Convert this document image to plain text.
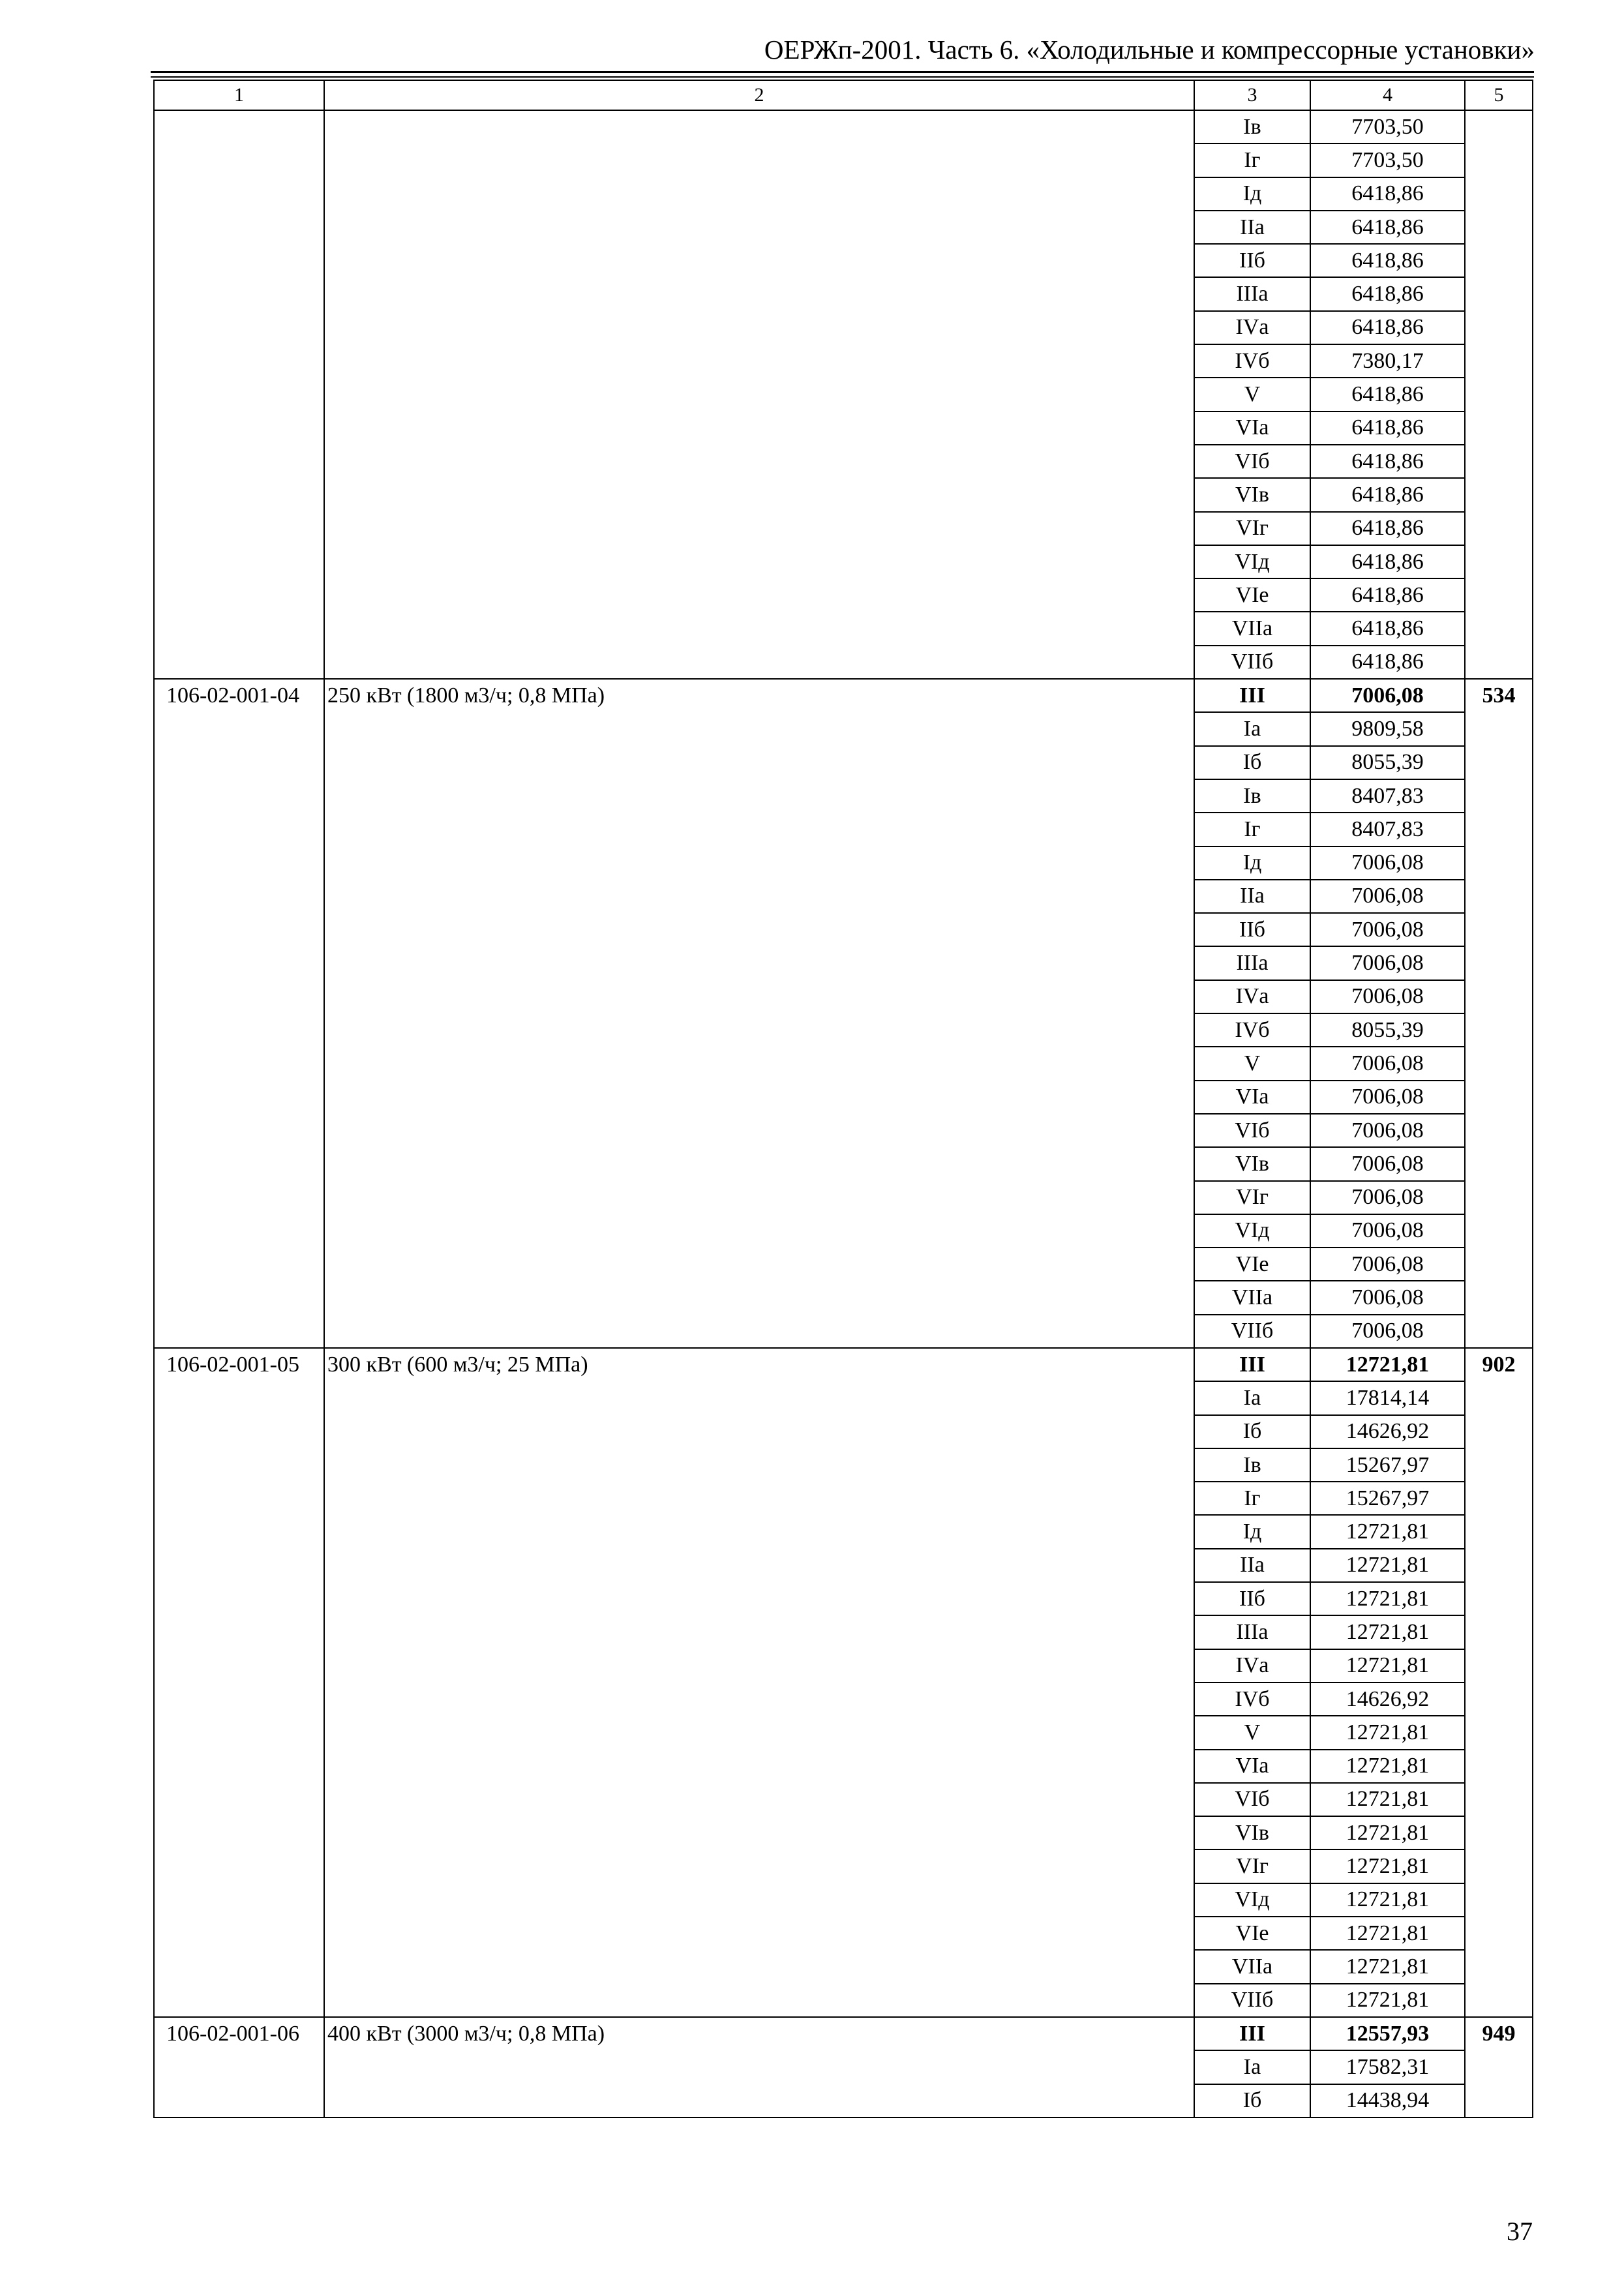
ОЕРЖп-2001. Часть 6. «Холодильные и компрессорные установки»
1	2	3	4	5
		Iв	7703,50	
		Iг	7703,50	
		Iд	6418,86	
		IIа	6418,86	
		IIб	6418,86	
		IIIа	6418,86	
		IVа	6418,86	
		IVб	7380,17	
		V	6418,86	
		VIа	6418,86	
		VIб	6418,86	
		VIв	6418,86	
		VIг	6418,86	
		VIд	6418,86	
		VIе	6418,86	
		VIIа	6418,86	
		VIIб	6418,86	
106-02-001-04	250 кВт (1800 м3/ч; 0,8 МПа)	III	7006,08	534
		Iа	9809,58	
		Iб	8055,39	
		Iв	8407,83	
		Iг	8407,83	
		Iд	7006,08	
		IIа	7006,08	
		IIб	7006,08	
		IIIа	7006,08	
		IVа	7006,08	
		IVб	8055,39	
		V	7006,08	
		VIа	7006,08	
		VIб	7006,08	
		VIв	7006,08	
		VIг	7006,08	
		VIд	7006,08	
		VIе	7006,08	
		VIIа	7006,08	
		VIIб	7006,08	
106-02-001-05	300 кВт (600 м3/ч; 25 МПа)	III	12721,81	902
		Iа	17814,14	
		Iб	14626,92	
		Iв	15267,97	
		Iг	15267,97	
		Iд	12721,81	
		IIа	12721,81	
		IIб	12721,81	
		IIIа	12721,81	
		IVа	12721,81	
		IVб	14626,92	
		V	12721,81	
		VIа	12721,81	
		VIб	12721,81	
		VIв	12721,81	
		VIг	12721,81	
		VIд	12721,81	
		VIе	12721,81	
		VIIа	12721,81	
		VIIб	12721,81	
106-02-001-06	400 кВт (3000 м3/ч; 0,8 МПа)	III	12557,93	949
		Iа	17582,31	
		Iб	14438,94	
37
